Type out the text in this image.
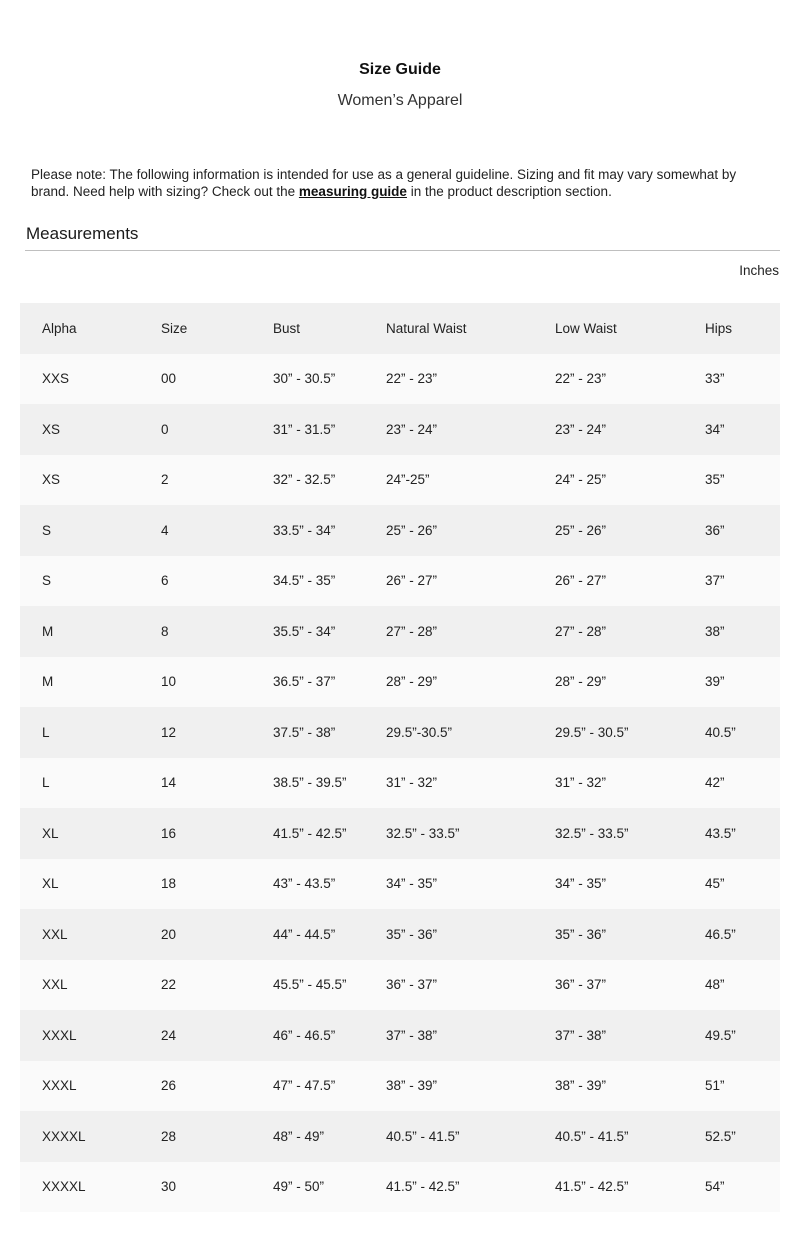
Size Guide
Women’s Apparel

Please note: The following information is intended for use as a general guideline. Sizing and fit may vary somewhat by brand. Need help with sizing? Check out the measuring guide in the product description section.

Measurements
Inches
Alpha	Size	Bust	Natural Waist	Low Waist	Hips
XXS	00	30” - 30.5”	22” - 23”	22” - 23”	33”
XS	0	31” - 31.5”	23” - 24”	23” - 24”	34”
XS	2	32” - 32.5”	24”-25”	24” - 25”	35”
S	4	33.5” - 34”	25” - 26”	25” - 26”	36”
S	6	34.5” - 35”	26” - 27”	26” - 27”	37”
M	8	35.5” - 34”	27” - 28”	27” - 28”	38”
M	10	36.5” - 37”	28” - 29”	28” - 29”	39”
L	12	37.5” - 38”	29.5”-30.5”	29.5” - 30.5”	40.5”
L	14	38.5” - 39.5”	31” - 32”	31” - 32”	42”
XL	16	41.5” - 42.5”	32.5” - 33.5”	32.5” - 33.5”	43.5”
XL	18	43” - 43.5”	34” - 35”	34” - 35”	45”
XXL	20	44” - 44.5”	35” - 36”	35” - 36”	46.5”
XXL	22	45.5” - 45.5”	36” - 37”	36” - 37”	48”
XXXL	24	46” - 46.5”	37” - 38”	37” - 38”	49.5”
XXXL	26	47” - 47.5”	38” - 39”	38” - 39”	51”
XXXXL	28	48” - 49”	40.5” - 41.5”	40.5” - 41.5”	52.5”
XXXXL	30	49” - 50”	41.5” - 42.5”	41.5” - 42.5”	54”
